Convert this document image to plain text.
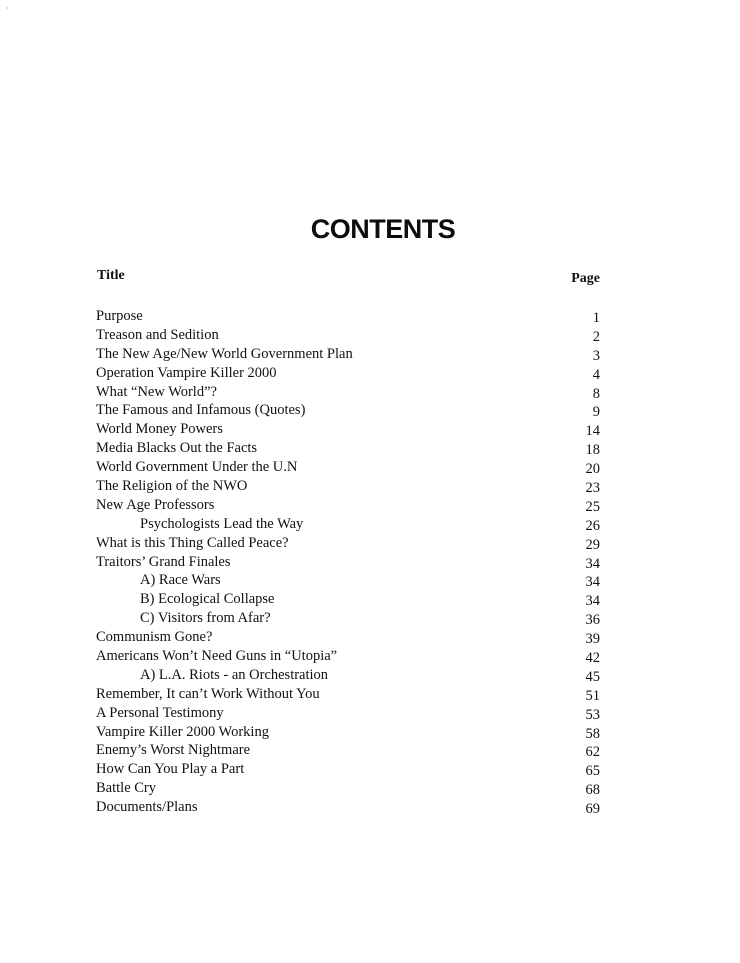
·
CONTENTS
Title	Page
Purpose	1
Treason and Sedition	2
The New Age/New World Government Plan	3
Operation Vampire Killer 2000	4
What “New World”?	8
The Famous and Infamous (Quotes)	9
World Money Powers	14
Media Blacks Out the Facts	18
World Government Under the U.N	20
The Religion of the NWO	23
New Age Professors	25
Psychologists Lead the Way	26
What is this Thing Called Peace?	29
Traitors’ Grand Finales	34
A) Race Wars	34
B) Ecological Collapse	34
C) Visitors from Afar?	36
Communism Gone?	39
Americans Won’t Need Guns in “Utopia”	42
A) L.A. Riots - an Orchestration	45
Remember, It can’t Work Without You	51
A Personal Testimony	53
Vampire Killer 2000 Working	58
Enemy’s Worst Nightmare	62
How Can You Play a Part	65
Battle Cry	68
Documents/Plans	69
